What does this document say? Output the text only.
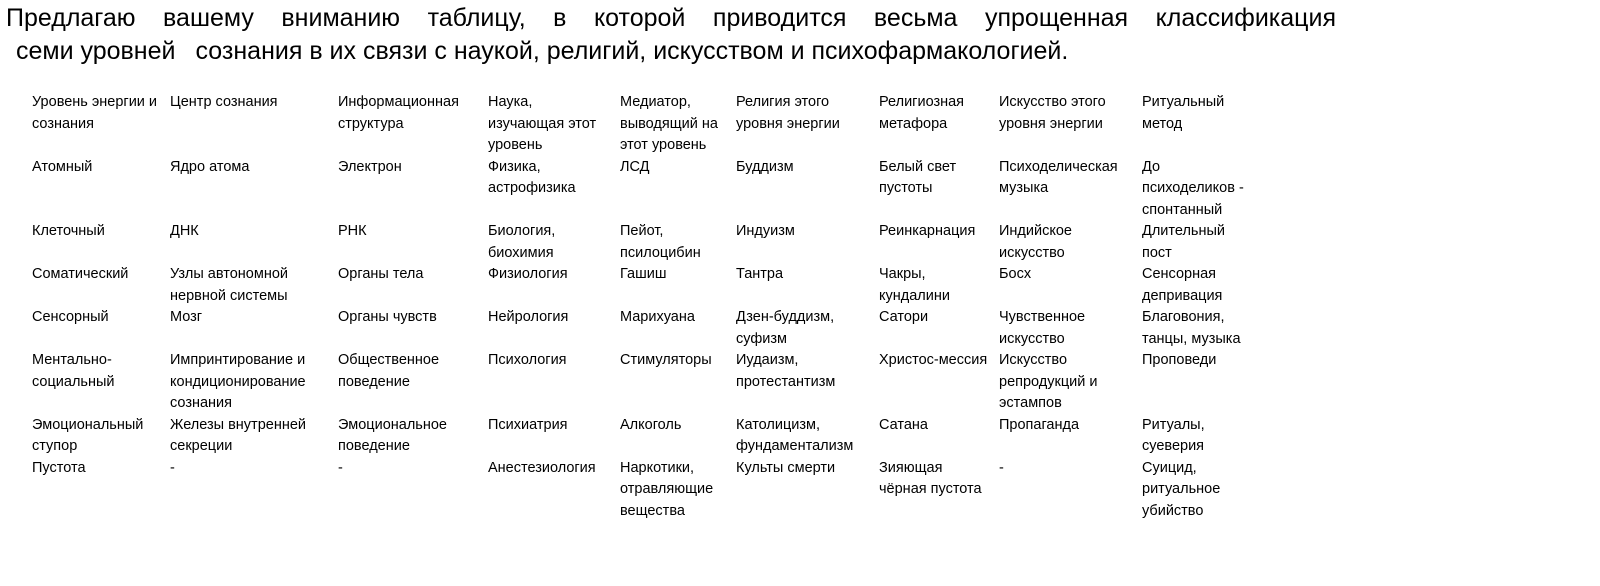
Предлагаю вашему вниманию таблицу, в которой приводится весьма упрощенная классификация
семи уровней сознания в их связи с наукой, религий, искусством и психофармакологией.

Уровень энергии и сознания	Центр сознания	Информационная структура	Наука, изучающая этот уровень	Медиатор, выводящий на этот уровень	Религия этого уровня энергии	Религиозная метафора	Искусство этого уровня энергии	Ритуальный метод
Атомный	Ядро атома	Электрон	Физика, астрофизика	ЛСД	Буддизм	Белый свет пустоты	Психоделическая музыка	До психоделиков - спонтанный
Клеточный	ДНК	РНК	Биология, биохимия	Пейот, псилоцибин	Индуизм	Реинкарнация	Индийское искусство	Длительный пост
Соматический	Узлы автономной нервной системы	Органы тела	Физиология	Гашиш	Тантра	Чакры, кундалини	Босх	Сенсорная депривация
Сенсорный	Мозг	Органы чувств	Нейрология	Марихуана	Дзен-буддизм, суфизм	Сатори	Чувственное искусство	Благовония, танцы, музыка
Ментально-социальный	Импринтирование и кондиционирование сознания	Общественное поведение	Психология	Стимуляторы	Иудаизм, протестантизм	Христос-мессия	Искусство репродукций и эстампов	Проповеди
Эмоциональный ступор	Железы внутренней секреции	Эмоциональное поведение	Психиатрия	Алкоголь	Католицизм, фундаментализм	Сатана	Пропаганда	Ритуалы, суеверия
Пустота	-	-	Анестезиология	Наркотики, отравляющие вещества	Культы смерти	Зияющая чёрная пустота	-	Суицид, ритуальное убийство
